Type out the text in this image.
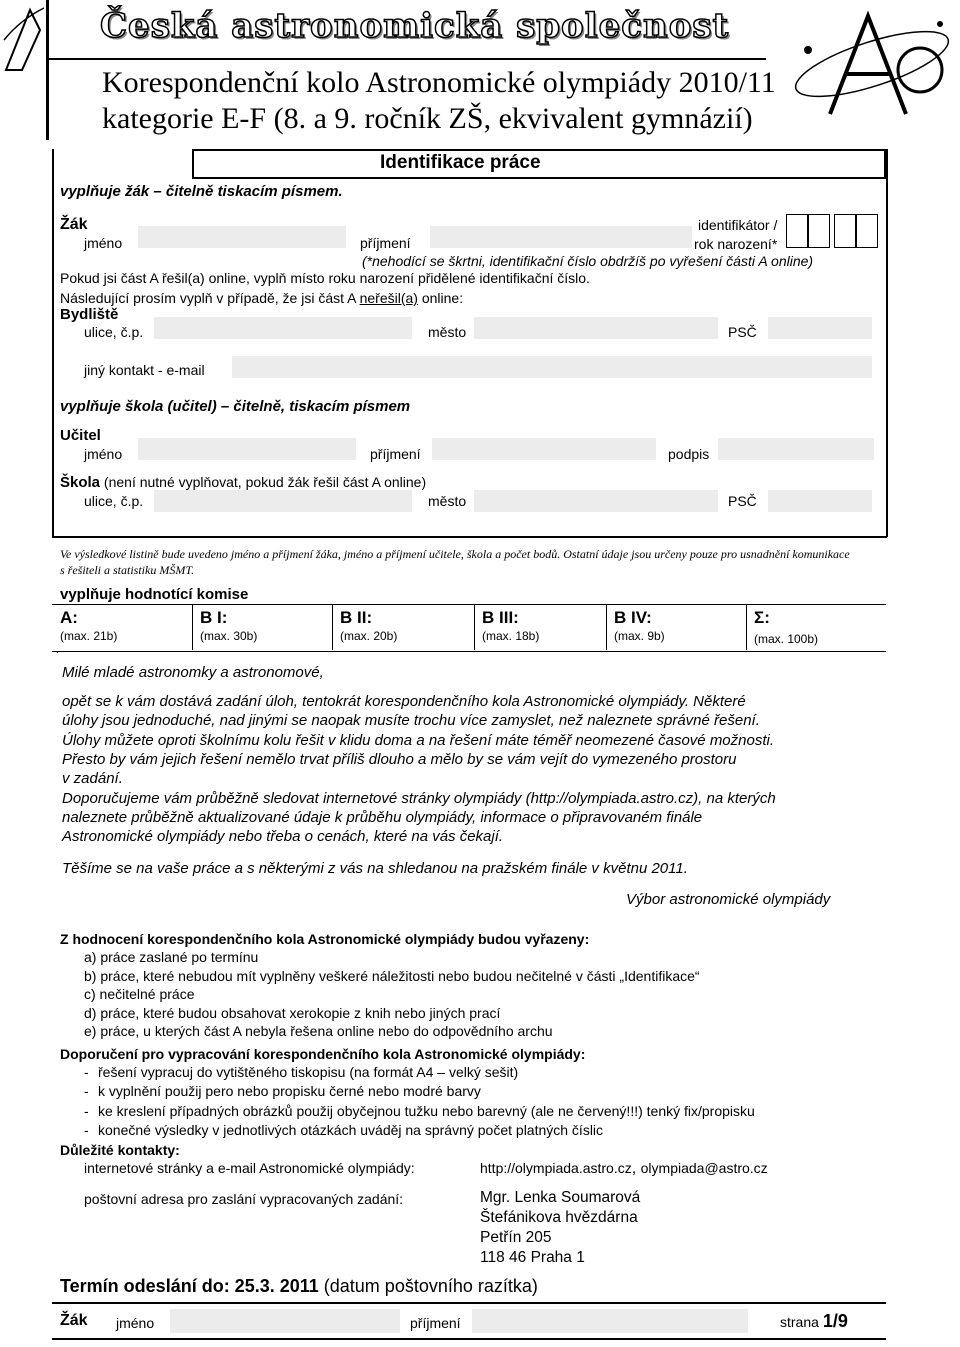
Česká astronomická společnost
Korespondenční kolo Astronomické olympiády 2010/11
kategorie E-F (8. a 9. ročník ZŠ, ekvivalent gymnázií)
Identifikace práce
vyplňuje žák – čitelně tiskacím písmem.
Žák
jméno	příjmení
identifikátor /
rok narození*
(*nehodící se škrtni, identifikační číslo obdržíš po vyřešení části A online)
Pokud jsi část A řešil(a) online, vyplň místo roku narození přidělené identifikační číslo.
Následující prosím vyplň v případě, že jsi část A neřešil(a) online:
Bydliště
ulice, č.p.	město	PSČ
jiný kontakt - e-mail
vyplňuje škola (učitel) – čitelně, tiskacím písmem
Učitel
jméno	příjmení	podpis
Škola (není nutné vyplňovat, pokud žák řešil část A online)
ulice, č.p.	město	PSČ
Ve výsledkové listině bude uvedeno jméno a příjmení žáka, jméno a příjmení učitele, škola a počet bodů. Ostatní údaje jsou určeny pouze pro usnadnění komunikace s řešiteli a statistiku MŠMT.
vyplňuje hodnotící komise
A:
(max. 21b)
B I:
(max. 30b)
B II:
(max. 20b)
B III:
(max. 18b)
B IV:
(max. 9b)
Σ:
(max. 100b)
.
Milé mladé astronomky a astronomové,
opět se k vám dostává zadání úloh, tentokrát korespondenčního kola Astronomické olympiády. Některé
úlohy jsou jednoduché, nad jinými se naopak musíte trochu více zamyslet, než naleznete správné řešení.
Úlohy můžete oproti školnímu kolu řešit v klidu doma a na řešení máte téměř neomezené časové možnosti.
Přesto by vám jejich řešení nemělo trvat příliš dlouho a mělo by se vám vejít do vymezeného prostoru
v zadání.
Doporučujeme vám průběžně sledovat internetové stránky olympiády (http://olympiada.astro.cz), na kterých
naleznete průběžně aktualizované údaje k průběhu olympiády, informace o připravovaném finále
Astronomické olympiády nebo třeba o cenách, které na vás čekají.
Těšíme se na vaše práce a s některými z vás na shledanou na pražském finále v květnu 2011.
Výbor astronomické olympiády
Z hodnocení korespondenčního kola Astronomické olympiády budou vyřazeny:
a) práce zaslané po termínu
b) práce, které nebudou mít vyplněny veškeré náležitosti nebo budou nečitelné v části „Identifikace“
c) nečitelné práce
d) práce, které budou obsahovat xerokopie z knih nebo jiných prací
e) práce, u kterých část A nebyla řešena online nebo do odpovědního archu
Doporučení pro vypracování korespondenčního kola Astronomické olympiády:
- řešení vypracuj do vytištěného tiskopisu (na formát A4 – velký sešit)
- k vyplnění použij pero nebo propisku černé nebo modré barvy
- ke kreslení případných obrázků použij obyčejnou tužku nebo barevný (ale ne červený!!!) tenký fix/propisku
- konečné výsledky v jednotlivých otázkách uváděj na správný počet platných číslic
Důležité kontakty:
internetové stránky a e-mail Astronomické olympiády:	http://olympiada.astro.cz, olympiada@astro.cz
poštovní adresa pro zaslání vypracovaných zadání:	Mgr. Lenka Soumarová
Štefánikova hvězdárna
Petřín 205
118 46 Praha 1
Termín odeslání do: 25.3. 2011 (datum poštovního razítka)
Žák jméno	příjmení	strana 1/9
